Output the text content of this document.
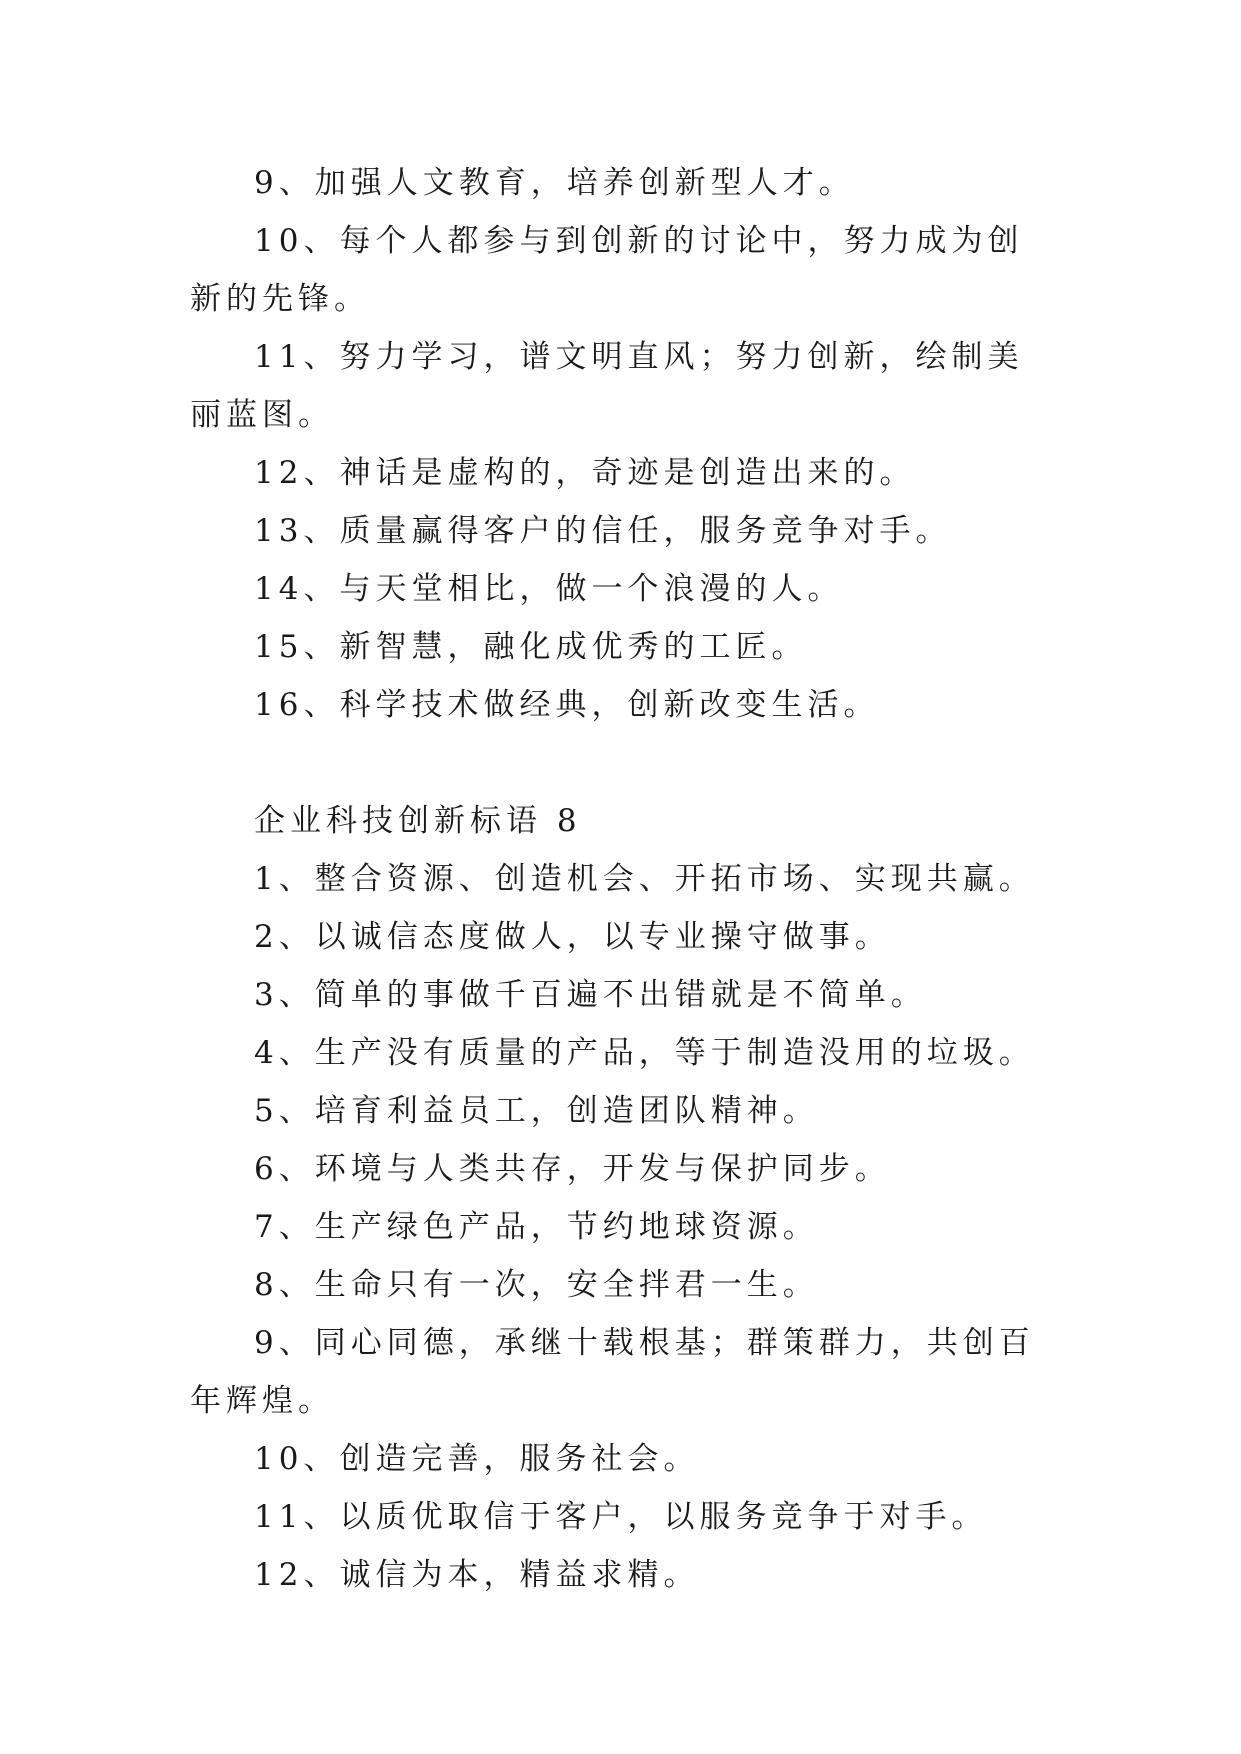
9、加强人文教育，培养创新型人才。

10、每个人都参与到创新的讨论中，努力成为创新的先锋。

11、努力学习，谱文明直风；努力创新，绘制美丽蓝图。

12、神话是虚构的，奇迹是创造出来的。

13、质量赢得客户的信任，服务竞争对手。

14、与天堂相比，做一个浪漫的人。

15、新智慧，融化成优秀的工匠。

16、科学技术做经典，创新改变生活。

企业科技创新标语 8

1、整合资源、创造机会、开拓市场、实现共赢。

2、以诚信态度做人，以专业操守做事。

3、简单的事做千百遍不出错就是不简单。

4、生产没有质量的产品，等于制造没用的垃圾。

5、培育利益员工，创造团队精神。

6、环境与人类共存，开发与保护同步。

7、生产绿色产品，节约地球资源。

8、生命只有一次，安全拌君一生。

9、同心同德，承继十载根基；群策群力，共创百年辉煌。

10、创造完善，服务社会。

11、以质优取信于客户，以服务竞争于对手。

12、诚信为本，精益求精。
